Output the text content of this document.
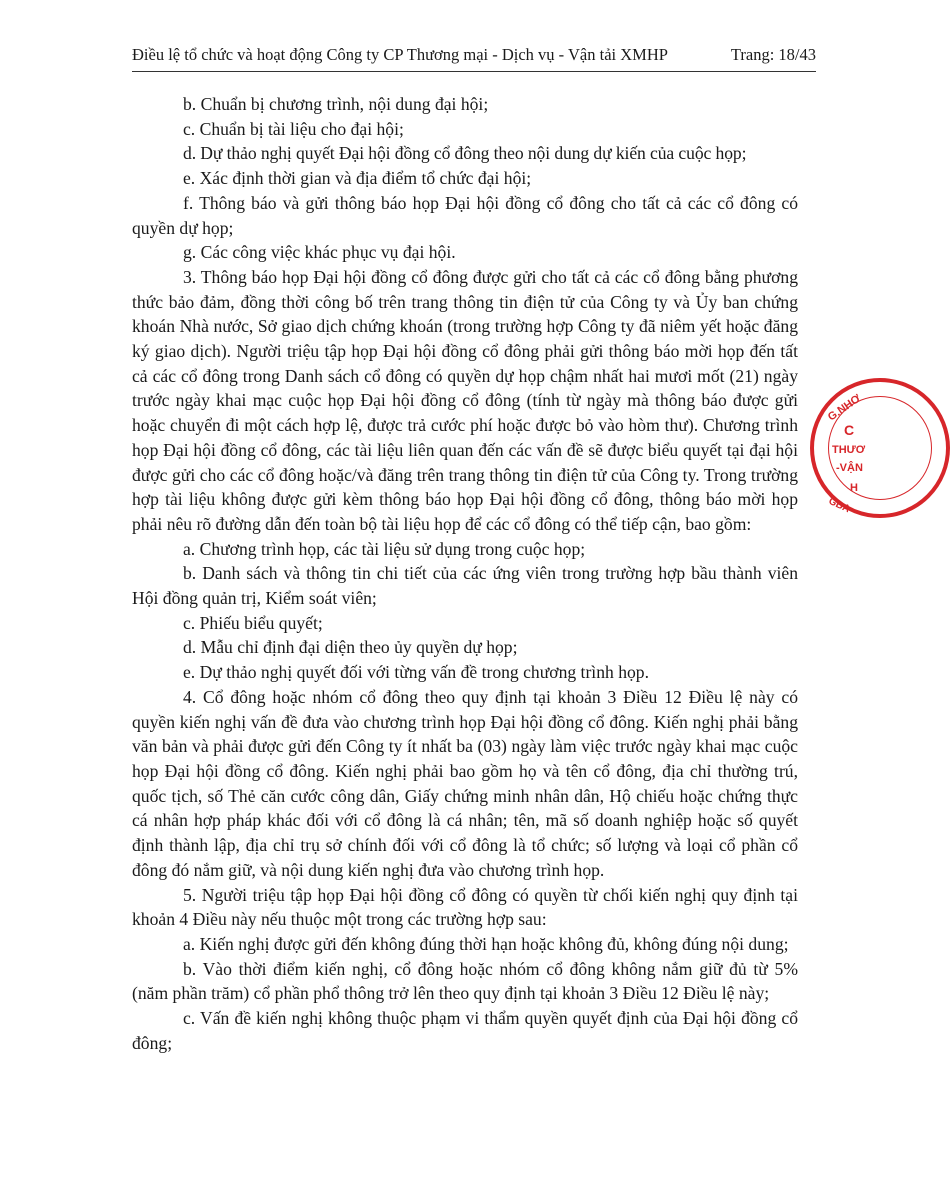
Điều lệ tổ chức và hoạt động Công ty CP Thương mại - Dịch vụ - Vận tải XMHP	Trang: 18/43

b. Chuẩn bị chương trình, nội dung đại hội;

c. Chuẩn bị tài liệu cho đại hội;

d. Dự thảo nghị quyết Đại hội đồng cổ đông theo nội dung dự kiến của cuộc họp;

e. Xác định thời gian và địa điểm tổ chức đại hội;

f. Thông báo và gửi thông báo họp Đại hội đồng cổ đông cho tất cả các cổ đông có quyền dự họp;

g. Các công việc khác phục vụ đại hội.

3. Thông báo họp Đại hội đồng cổ đông được gửi cho tất cả các cổ đông bằng phương thức bảo đảm, đồng thời công bố trên trang thông tin điện tử của Công ty và Ủy ban chứng khoán Nhà nước, Sở giao dịch chứng khoán (trong trường hợp Công ty đã niêm yết hoặc đăng ký giao dịch). Người triệu tập họp Đại hội đồng cổ đông phải gửi thông báo mời họp đến tất cả các cổ đông trong Danh sách cổ đông có quyền dự họp chậm nhất hai mươi mốt (21) ngày trước ngày khai mạc cuộc họp Đại hội đồng cổ đông (tính từ ngày mà thông báo được gửi hoặc chuyển đi một cách hợp lệ, được trả cước phí hoặc được bỏ vào hòm thư). Chương trình họp Đại hội đồng cổ đông, các tài liệu liên quan đến các vấn đề sẽ được biểu quyết tại đại hội được gửi cho các cổ đông hoặc/và đăng trên trang thông tin điện tử của Công ty. Trong trường hợp tài liệu không được gửi kèm thông báo họp Đại hội đồng cổ đông, thông báo mời họp phải nêu rõ đường dẫn đến toàn bộ tài liệu họp để các cổ đông có thể tiếp cận, bao gồm:

a. Chương trình họp, các tài liệu sử dụng trong cuộc họp;

b. Danh sách và thông tin chi tiết của các ứng viên trong trường hợp bầu thành viên Hội đồng quản trị, Kiểm soát viên;

c. Phiếu biểu quyết;

d. Mẫu chỉ định đại diện theo ủy quyền dự họp;

e. Dự thảo nghị quyết đối với từng vấn đề trong chương trình họp.

4. Cổ đông hoặc nhóm cổ đông theo quy định tại khoản 3 Điều 12 Điều lệ này có quyền kiến nghị vấn đề đưa vào chương trình họp Đại hội đồng cổ đông. Kiến nghị phải bằng văn bản và phải được gửi đến Công ty ít nhất ba (03) ngày làm việc trước ngày khai mạc cuộc họp Đại hội đồng cổ đông. Kiến nghị phải bao gồm họ và tên cổ đông, địa chỉ thường trú, quốc tịch, số Thẻ căn cước công dân, Giấy chứng minh nhân dân, Hộ chiếu hoặc chứng thực cá nhân hợp pháp khác đối với cổ đông là cá nhân; tên, mã số doanh nghiệp hoặc số quyết định thành lập, địa chỉ trụ sở chính đối với cổ đông là tổ chức; số lượng và loại cổ phần cổ đông đó nắm giữ, và nội dung kiến nghị đưa vào chương trình họp.

5. Người triệu tập họp Đại hội đồng cổ đông có quyền từ chối kiến nghị quy định tại khoản 4 Điều này nếu thuộc một trong các trường hợp sau:

a. Kiến nghị được gửi đến không đúng thời hạn hoặc không đủ, không đúng nội dung;

b. Vào thời điểm kiến nghị, cổ đông hoặc nhóm cổ đông không nắm giữ đủ từ 5% (năm phần trăm) cổ phần phổ thông trở lên theo quy định tại khoản 3 Điều 12 Điều lệ này;

c. Vấn đề kiến nghị không thuộc phạm vi thẩm quyền quyết định của Đại hội đồng cổ đông;

G.NHƠ
C
THƯƠ
-VẬN
H
GBA
